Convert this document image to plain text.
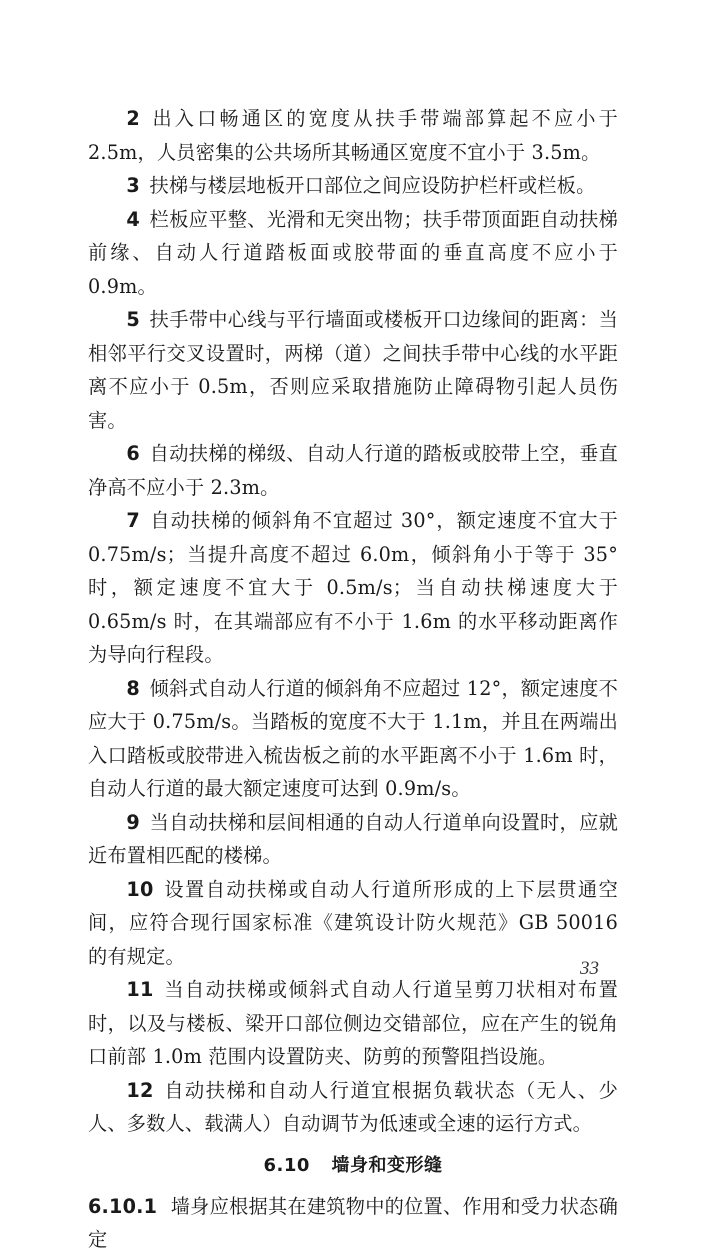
2 出入口畅通区的宽度从扶手带端部算起不应小于 2.5m，人员密集的公共场所其畅通区宽度不宜小于 3.5m。

3 扶梯与楼层地板开口部位之间应设防护栏杆或栏板。

4 栏板应平整、光滑和无突出物；扶手带顶面距自动扶梯前缘、自动人行道踏板面或胶带面的垂直高度不应小于 0.9m。

5 扶手带中心线与平行墙面或楼板开口边缘间的距离：当相邻平行交叉设置时，两梯（道）之间扶手带中心线的水平距离不应小于 0.5m，否则应采取措施防止障碍物引起人员伤害。

6 自动扶梯的梯级、自动人行道的踏板或胶带上空，垂直净高不应小于 2.3m。

7 自动扶梯的倾斜角不宜超过 30°，额定速度不宜大于 0.75m/s；当提升高度不超过 6.0m，倾斜角小于等于 35°时，额定速度不宜大于 0.5m/s；当自动扶梯速度大于 0.65m/s 时，在其端部应有不小于 1.6m 的水平移动距离作为导向行程段。

8 倾斜式自动人行道的倾斜角不应超过 12°，额定速度不应大于 0.75m/s。当踏板的宽度不大于 1.1m，并且在两端出入口踏板或胶带进入梳齿板之前的水平距离不小于 1.6m 时，自动人行道的最大额定速度可达到 0.9m/s。

9 当自动扶梯和层间相通的自动人行道单向设置时，应就近布置相匹配的楼梯。

10 设置自动扶梯或自动人行道所形成的上下层贯通空间，应符合现行国家标准《建筑设计防火规范》GB 50016 的有规定。

11 当自动扶梯或倾斜式自动人行道呈剪刀状相对布置时，以及与楼板、梁开口部位侧边交错部位，应在产生的锐角口前部 1.0m 范围内设置防夹、防剪的预警阻挡设施。

12 自动扶梯和自动人行道宜根据负载状态（无人、少人、多数人、载满人）自动调节为低速或全速的运行方式。

6.10 墙身和变形缝

6.10.1 墙身应根据其在建筑物中的位置、作用和受力状态确定

33
